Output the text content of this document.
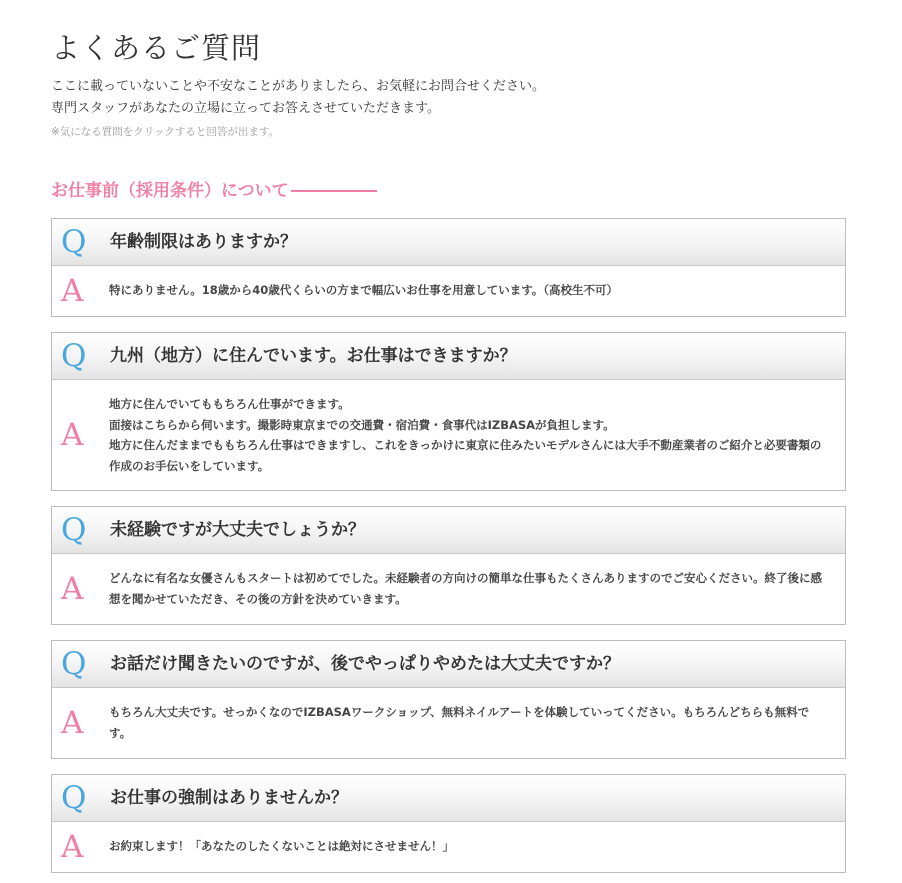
よくあるご質問

ここに載っていないことや不安なことがありましたら、お気軽にお問合せください。

専門スタッフがあなたの立場に立ってお答えさせていただきます。

※気になる質問をクリックすると回答が出ます。
お仕事前（採用条件）について
Q 年齢制限はありますか？
A 特にありません。18歳から40歳代くらいの方まで幅広いお仕事を用意しています。（高校生不可）
Q 九州（地方）に住んでいます。お仕事はできますか？
A
地方に住んでいてももちろん仕事ができます。
面接はこちらから伺います。撮影時東京までの交通費・宿泊費・食事代はIZBASAが負担します。
地方に住んだままでももちろん仕事はできますし、これをきっかけに東京に住みたいモデルさんには大手不動産業者のご紹介と必要書類の作成のお手伝いをしています。
Q 未経験ですが大丈夫でしょうか？
A どんなに有名な女優さんもスタートは初めてでした。未経験者の方向けの簡単な仕事もたくさんありますのでご安心ください。終了後に感想を聞かせていただき、その後の方針を決めていきます。
Q お話だけ聞きたいのですが、後でやっぱりやめたは大丈夫ですか？
A もちろん大丈夫です。せっかくなのでIZBASAワークショップ、無料ネイルアートを体験していってください。もちろんどちらも無料です。
Q お仕事の強制はありませんか？
A お約束します！「あなたのしたくないことは絶対にさせません！」
